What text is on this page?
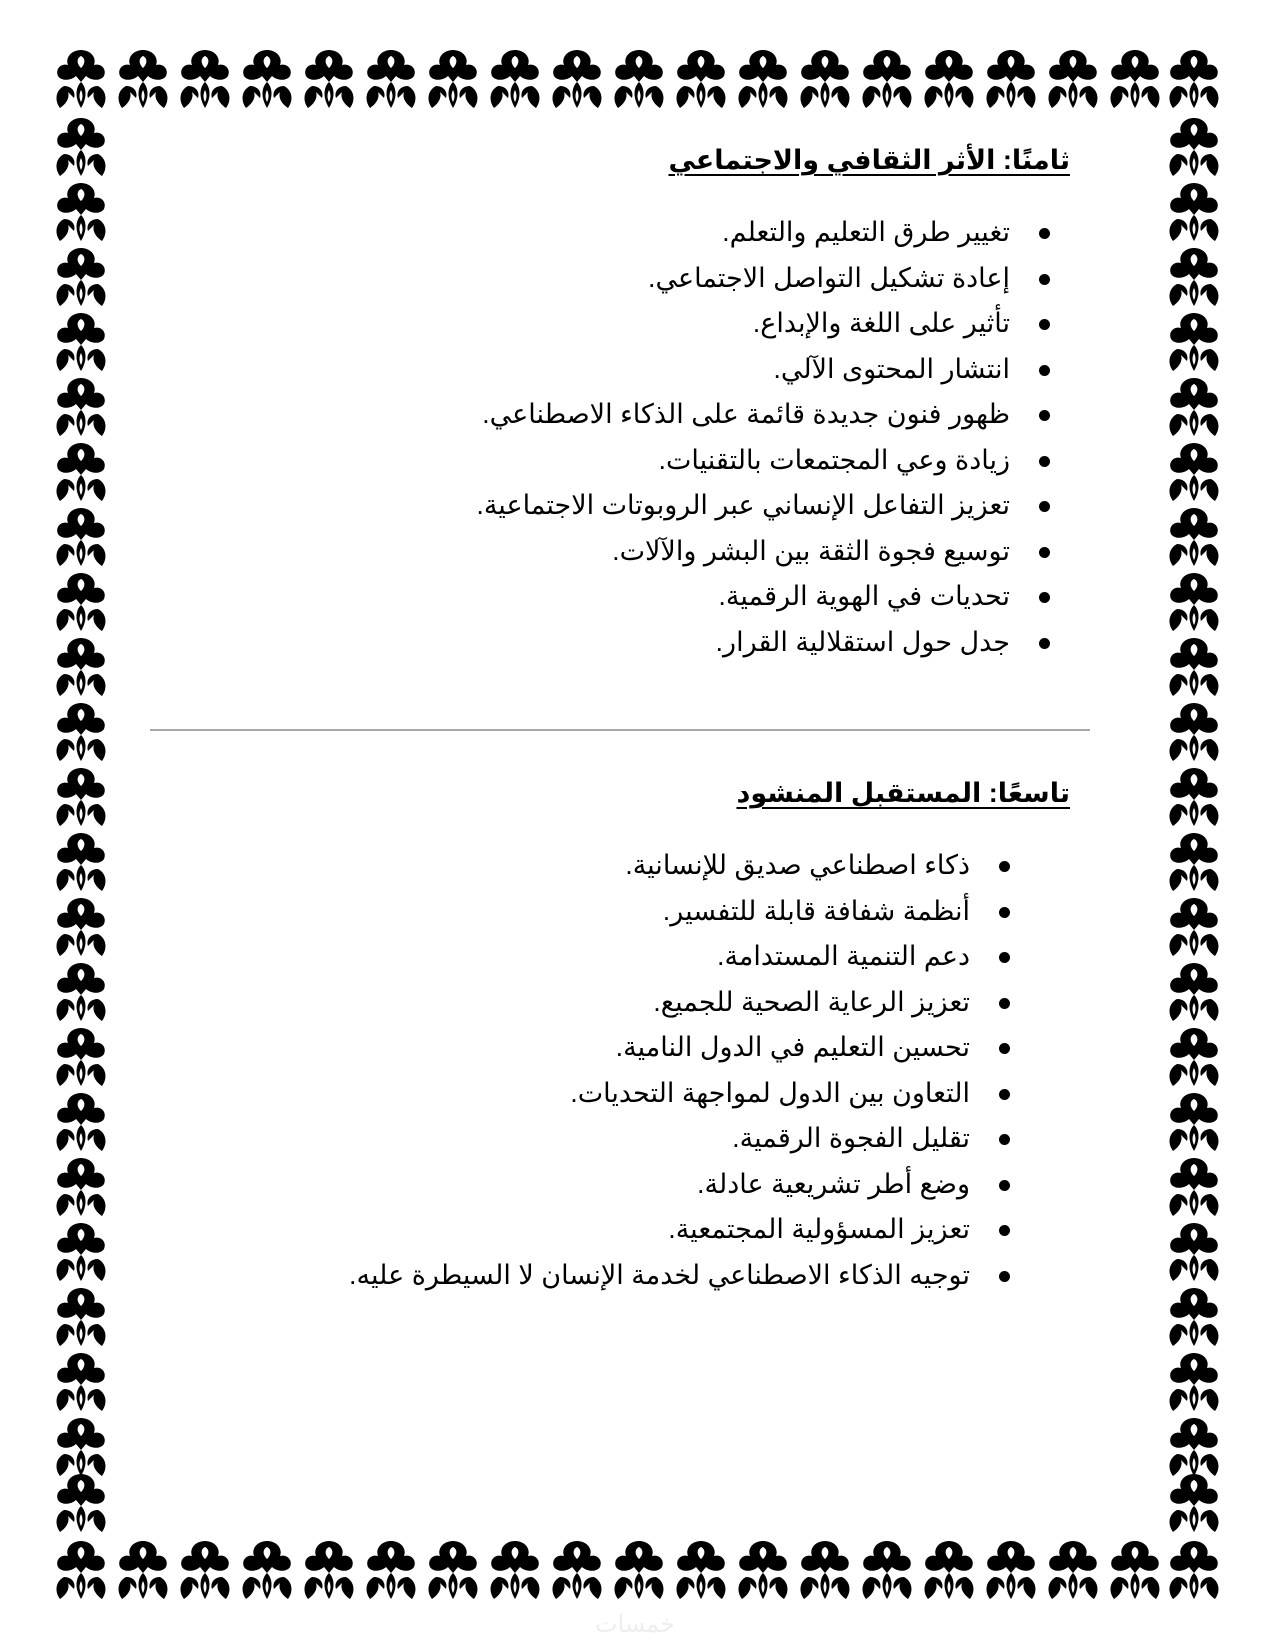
ثامنًا: الأثر الثقافي والاجتماعي
تغيير طرق التعليم والتعلم.
إعادة تشكيل التواصل الاجتماعي.
تأثير على اللغة والإبداع.
انتشار المحتوى الآلي.
ظهور فنون جديدة قائمة على الذكاء الاصطناعي.
زيادة وعي المجتمعات بالتقنيات.
تعزيز التفاعل الإنساني عبر الروبوتات الاجتماعية.
توسيع فجوة الثقة بين البشر والآلات.
تحديات في الهوية الرقمية.
جدل حول استقلالية القرار.
تاسعًا: المستقبل المنشود
ذكاء اصطناعي صديق للإنسانية.
أنظمة شفافة قابلة للتفسير.
دعم التنمية المستدامة.
تعزيز الرعاية الصحية للجميع.
تحسين التعليم في الدول النامية.
التعاون بين الدول لمواجهة التحديات.
تقليل الفجوة الرقمية.
وضع أطر تشريعية عادلة.
تعزيز المسؤولية المجتمعية.
توجيه الذكاء الاصطناعي لخدمة الإنسان لا السيطرة عليه.
خمسات
